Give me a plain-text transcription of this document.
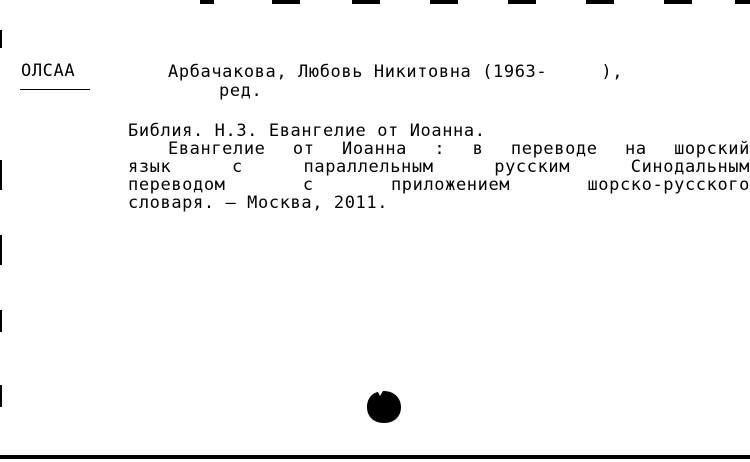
ОЛСАА	Арбачакова, Любовь Никитовна (1963-     ),
ред.
Библия. Н.З. Евангелие от Иоанна.
Евангелие от Иоанна : в переводе на шорский
язык	с	параллельным	русским	Синодальным
переводом	с	приложением	шорско-русского
словаря. – Москва, 2011.
